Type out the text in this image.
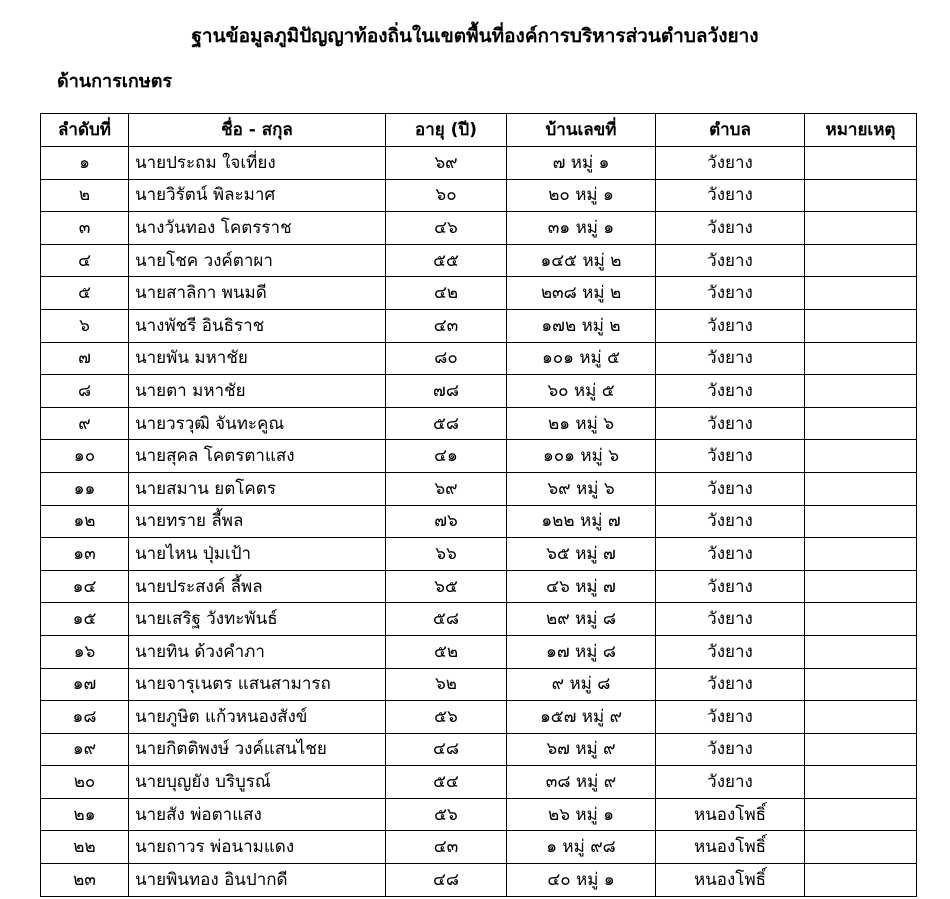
ฐานข้อมูลภูมิปัญญาท้องถิ่นในเขตพื้นที่องค์การบริหารส่วนตำบลวังยาง
ด้านการเกษตร
ลำดับที่	ชื่อ - สกุล	อายุ (ปี)	บ้านเลขที่	ตำบล	หมายเหตุ
๑	นายประถม ใจเที่ยง	๖๙	๗ หมู่ ๑	วังยาง	
๒	นายวิรัตน์ พิละมาศ	๖๐	๒๐ หมู่ ๑	วังยาง	
๓	นางวันทอง โคตรราช	๔๖	๓๑ หมู่ ๑	วังยาง	
๔	นายโชค วงค์ตาผา	๕๕	๑๔๕ หมู่ ๒	วังยาง	
๕	นายสาลิกา พนมดี	๔๒	๒๓๘ หมู่ ๒	วังยาง	
๖	นางพัชรี อินธิราช	๔๓	๑๗๒ หมู่ ๒	วังยาง	
๗	นายพัน มหาชัย	๘๐	๑๐๑ หมู่ ๕	วังยาง	
๘	นายตา มหาชัย	๗๘	๖๐ หมู่ ๕	วังยาง	
๙	นายวรวุฒิ จันทะคูณ	๕๘	๒๑ หมู่ ๖	วังยาง	
๑๐	นายสุคล โคตรตาแสง	๔๑	๑๐๑ หมู่ ๖	วังยาง	
๑๑	นายสมาน ยตโคตร	๖๙	๖๙ หมู่ ๖	วังยาง	
๑๒	นายทราย ลี้พล	๗๖	๑๒๒ หมู่ ๗	วังยาง	
๑๓	นายไหน ปุ่มเป้า	๖๖	๖๕ หมู่ ๗	วังยาง	
๑๔	นายประสงค์ ลี้พล	๖๕	๔๖ หมู่ ๗	วังยาง	
๑๕	นายเสริฐ วังทะพันธ์	๕๘	๒๙ หมู่ ๘	วังยาง	
๑๖	นายทิน ด้วงคำภา	๕๒	๑๗ หมู่ ๘	วังยาง	
๑๗	นายจารุเนตร แสนสามารถ	๖๒	๙ หมู่ ๘	วังยาง	
๑๘	นายภูษิต แก้วหนองสังข์	๕๖	๑๕๗ หมู่ ๙	วังยาง	
๑๙	นายกิตติพงษ์ วงค์แสนไชย	๔๘	๖๗ หมู่ ๙	วังยาง	
๒๐	นายบุญยัง บริบูรณ์	๕๔	๓๘ หมู่ ๙	วังยาง	
๒๑	นายสัง พ่อตาแสง	๕๖	๒๖ หมู่ ๑	หนองโพธิ์	
๒๒	นายถาวร พ่อนามแดง	๔๓	๑ หมู่ ๙๘	หนองโพธิ์	
๒๓	นายพินทอง อินปากดี	๔๘	๔๐ หมู่ ๑	หนองโพธิ์	
